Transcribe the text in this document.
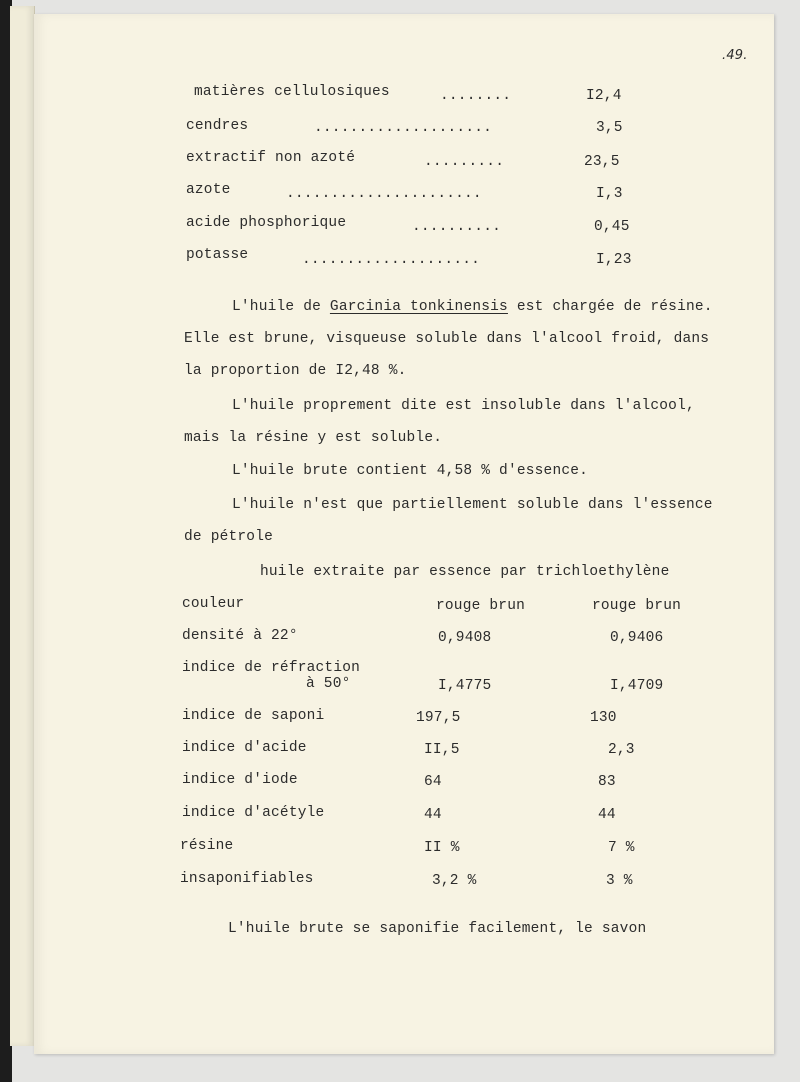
.49.
matières cellulosiques	........	I2,4
cendres	....................	3,5
extractif non azoté	.........	23,5
azote	......................	I,3
acide phosphorique	..........	0,45
potasse	....................	I,23
L'huile de Garcinia tonkinensis est chargée de résine.
Elle est brune, visqueuse soluble dans l'alcool froid, dans
la proportion de I2,48 %.
L'huile proprement dite est insoluble dans l'alcool,
mais la résine y est soluble.
L'huile brute contient 4,58 % d'essence.
L'huile n'est que partiellement soluble dans l'essence
de pétrole
huile extraite par essence par trichloethylène
couleur	rouge brun	rouge brun
densité à 22°	0,9408	0,9406
indice de réfraction
à 50°	I,4775	I,4709
indice de saponi	197,5	130
indice d'acide	II,5	2,3
indice d'iode	64	83
indice d'acétyle	44	44
résine	II %	7 %
insaponifiables	3,2 %	3 %
L'huile brute se saponifie facilement, le savon
